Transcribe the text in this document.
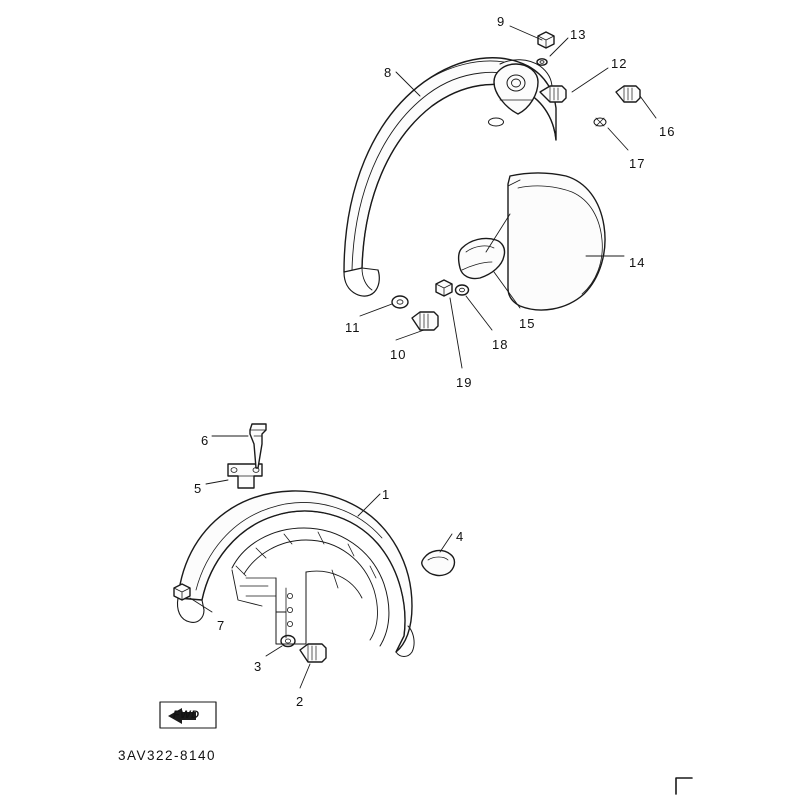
9
13
12
8
16
17
14
15
11
18
10
19
6
5	1
4
7
3
2
FWD
3AV322-8140
